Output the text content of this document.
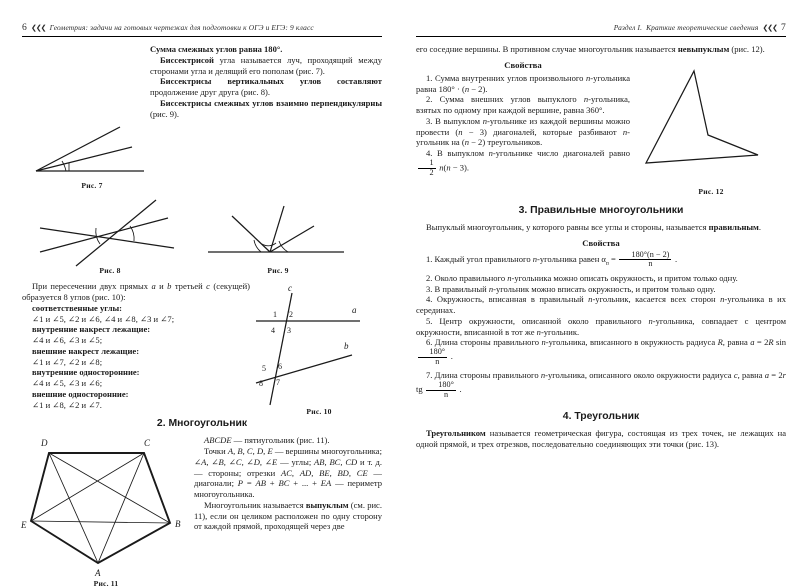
6 ❮❮❮ Геометрия: задачи на готовых чертежах для подготовки к ОГЭ и ЕГЭ: 9 класс

Сумма смежных углов равна 180°.

Биссектрисой угла называется луч, проходящий между сторонами угла и делящий его пополам (рис. 7).

Биссектрисы вертикальных углов составляют продолжение друг друга (рис. 8).

Биссектрисы смежных углов взаимно перпендикулярны (рис. 9).

Рис. 7
Рис. 8	Рис. 9
a
b
c
1 2
3
4
5 6
7
8
Рис. 10

При пересечении двух прямых a и b третьей c (секущей) образуется 8 углов (рис. 10):

соответственные углы:

∠1 и ∠5, ∠2 и ∠6, ∠4 и ∠8, ∠3 и ∠7;

внутренние накрест лежащие:

∠4 и ∠6, ∠3 и ∠5;

внешние накрест лежащие:

∠1 и ∠7, ∠2 и ∠8;

внутренние односторонние:

∠4 и ∠5, ∠3 и ∠6;

внешние односторонние:

∠1 и ∠8, ∠2 и ∠7.

2. Многоугольник
D	C
B
A
E
Рис. 11

ABCDE — пятиугольник (рис. 11).

Точки A, B, C, D, E — вершины многоугольника; ∠A, ∠B, ∠C, ∠D, ∠E — углы; AB, BC, CD и т. д. — стороны; отрезки AC, AD, BE, BD, CE — диагонали; P = AB + BC + ... + EA — периметр многоугольника.

Многоугольник называется выпуклым (см. рис. 11), если он целиком расположен по одну сторону от каждой прямой, проходящей через две

Раздел I. Краткие теоретические сведения ❮❮❮ 7

его соседние вершины. В противном случае многоугольник называется невыпуклым (рис. 12).

Рис. 12
Свойства

1. Сумма внутренних углов произвольного n-угольника равна 180° · (n − 2).

2. Сумма внешних углов выпуклого n-угольника, взятых по одному при каждой вершине, равна 360°.

3. В выпуклом n-угольнике из каждой вершины можно провести (n − 3) диагоналей, которые разбивают n-угольник на (n − 2) треугольников.

4. В выпуклом n-угольнике число диагоналей равно
$\frac{1}{2} n(n - 3)$.

3. Правильные многоугольники

Выпуклый многоугольник, у которого равны все углы и стороны, называется правильным.

Свойства

1. Каждый угол правильного n-угольника равен $\alpha_n = \frac{180^\circ(n - 2)}{n}$ .

2. Около правильного n-угольника можно описать окружность, и притом только одну.

3. В правильный n-угольник можно вписать окружность, и притом только одну.

4. Окружность, вписанная в правильный n-угольник, касается всех сторон n-угольника в их серединах.

5. Центр окружности, описанной около правильного n-угольника, совпадает с центром окружности, вписанной в тот же n-угольник.

6. Длина стороны правильного n-угольника, вписанного в окружность радиуса R, равна a = 2R sin
$\frac{180^\circ}{n}$ .

7. Длина стороны правильного n-угольника, описанного около окружности радиуса c, равна a = 2r tg $\frac{180^\circ}{n}$ .

4. Треугольник

Треугольником называется геометрическая фигура, состоящая из трех точек, не лежащих на одной прямой, и трех отрезков, последовательно соединяющих эти точки (рис. 13).
